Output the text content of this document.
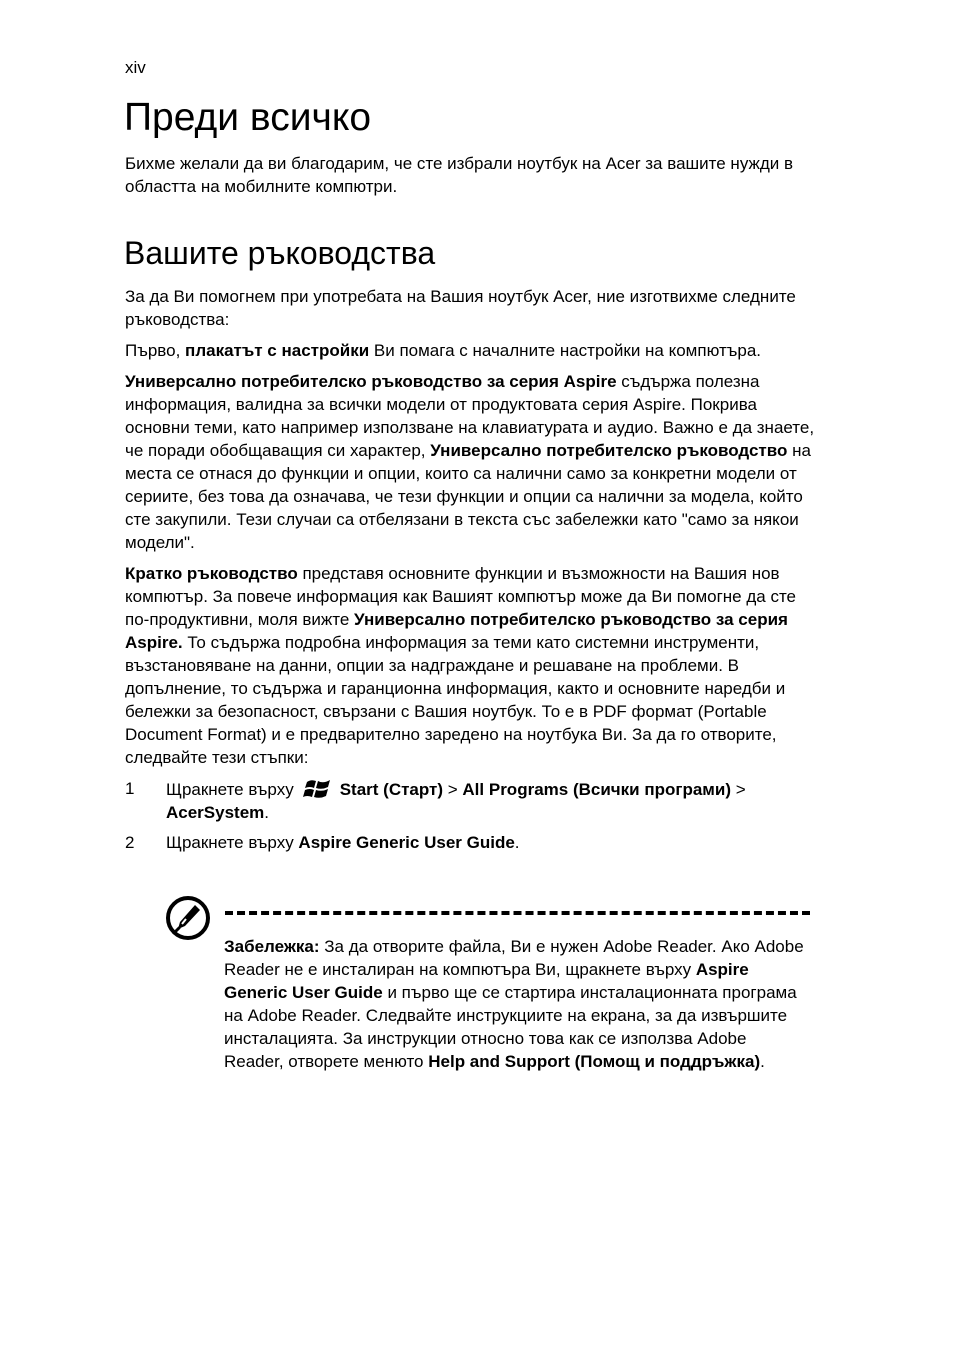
xiv
Преди всичко

Бихме желали да ви благодарим, че сте избрали ноутбук на Acer за вашите нужди в областта на мобилните компютри.

Вашите ръководства

За да Ви помогнем при употребата на Вашия ноутбук Acer, ние изготвихме следните ръководства:

Първо, плакатът с настройки Ви помага с началните настройки на компютъра.

Универсално потребителско ръководство за серия Aspire съдържа полезна информация, валидна за всички модели от продуктовата серия Aspire. Покрива основни теми, като например използване на клавиатурата и аудио. Важно е да знаете, че поради обобщаващия си характер, Универсално потребителско ръководство на места се отнася до функции и опции, които са налични само за конкретни модели от сериите, без това да означава, че тези функции и опции са налични за модела, който сте закупили. Тези случаи са отбелязани в текста със забележки като "само за някои модели".

Кратко ръководство представя основните функции и възможности на Вашия нов компютър. За повече информация как Вашият компютър може да Ви помогне да сте по-продуктивни, моля вижте Универсално потребителско ръководство за серия Aspire. То съдържа подробна информация за теми като системни инструменти, възстановяване на данни, опции за надграждане и решаване на проблеми. В допълнение, то съдържа и гаранционна информация, както и основните наредби и бележки за безопасност, свързани с Вашия ноутбук. То е в PDF формат (Portable Document Format) и е предварително заредено на ноутбука Ви. За да го отворите, следвайте тези стъпки:

1 Щракнете върху	Start (Старт) > All Programs (Всички програми) > AcerSystem.
2 Щракнете върху Aspire Generic User Guide.

Забележка: За да отворите файла, Ви е нужен Adobe Reader. Ако Adobe Reader не е инсталиран на компютъра Ви, щракнете върху Aspire Generic User Guide и първо ще се стартира инсталационната програма на Adobe Reader. Следвайте инструкциите на екрана, за да извършите инсталацията. За инструкции относно това как се използва Adobe Reader, отворете менюто Help and Support (Помощ и поддръжка).
